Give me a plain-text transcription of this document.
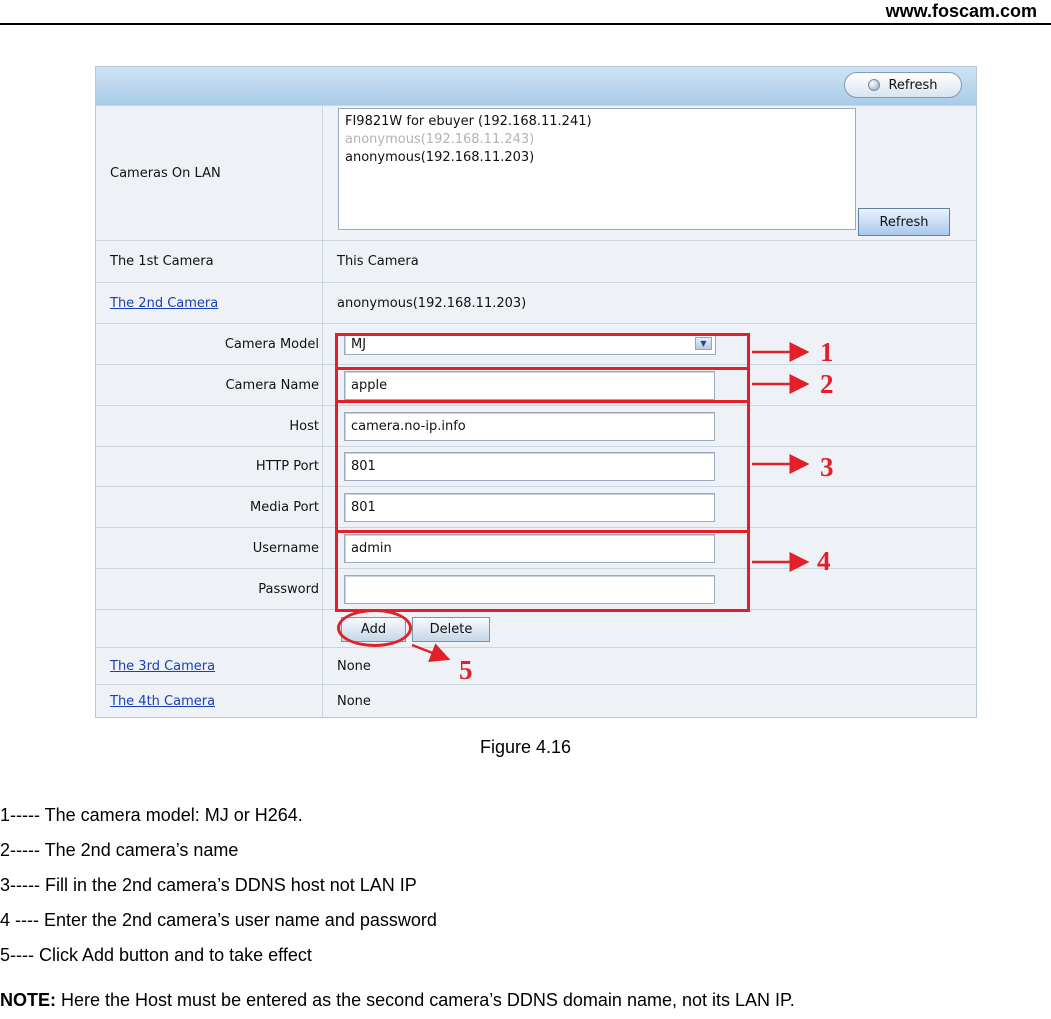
www.foscam.com
Refresh
Cameras On LAN
FI9821W for ebuyer (192.168.11.241)
anonymous(192.168.11.243)
anonymous(192.168.11.203)
Refresh
The 1st Camera	This Camera
The 2nd Camera	anonymous(192.168.11.203)
Camera Model	MJ	▼
Camera Name	apple
Host	camera.no-ip.info
HTTP Port	801
Media Port	801
Username	admin
Password
Add	Delete
The 3rd Camera	None
The 4th Camera	None
1
2
3
4
5
Figure 4.16
1----- The camera model: MJ or H264.
2----- The 2nd camera’s name
3----- Fill in the 2nd camera’s DDNS host not LAN IP
4 ---- Enter the 2nd camera’s user name and password
5---- Click Add button and to take effect
NOTE: Here the Host must be entered as the second camera’s DDNS domain name, not its LAN IP.
